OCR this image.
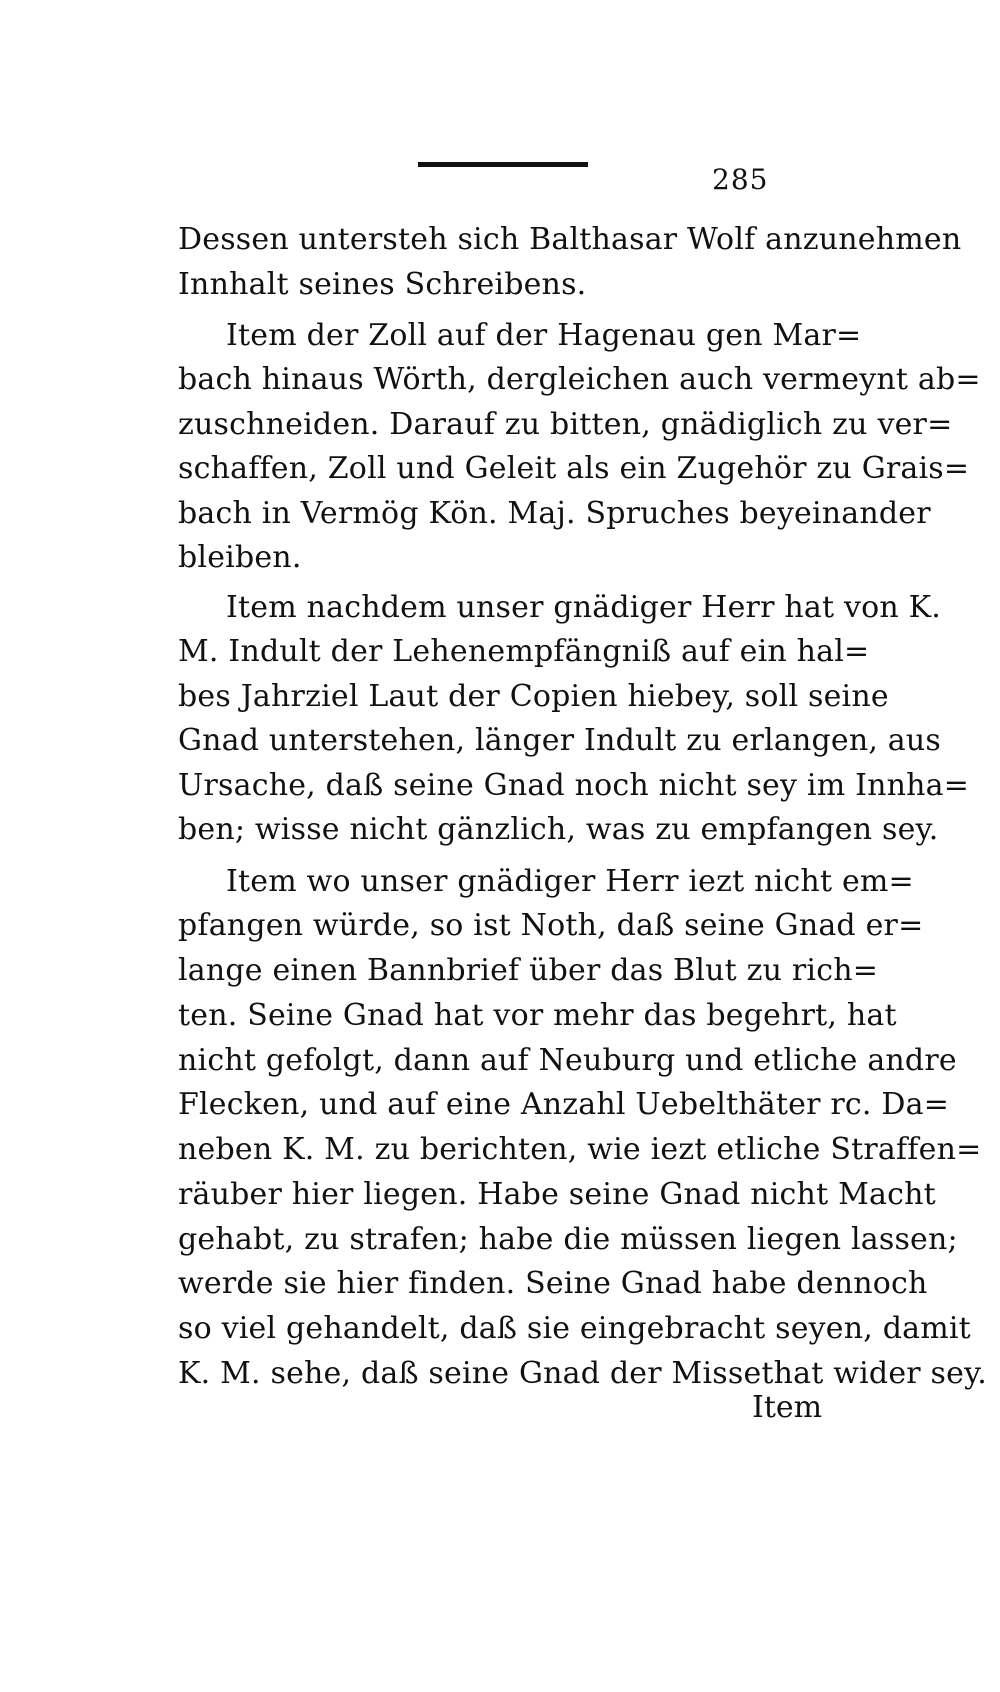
285
Dessen untersteh sich Balthasar Wolf anzunehmen
Innhalt seines Schreibens.
Item der Zoll auf der Hagenau gen Mar=
bach hinaus Wörth, dergleichen auch vermeynt ab=
zuschneiden. Darauf zu bitten, gnädiglich zu ver=
schaffen, Zoll und Geleit als ein Zugehör zu Grais=
bach in Vermög Kön. Maj. Spruches beyeinander
bleiben.
Item nachdem unser gnädiger Herr hat von K.
M. Indult der Lehenempfängniß auf ein hal=
bes Jahrziel Laut der Copien hiebey, soll seine
Gnad unterstehen, länger Indult zu erlangen, aus
Ursache, daß seine Gnad noch nicht sey im Innha=
ben; wisse nicht gänzlich, was zu empfangen sey.
Item wo unser gnädiger Herr iezt nicht em=
pfangen würde, so ist Noth, daß seine Gnad er=
lange einen Bannbrief über das Blut zu rich=
ten. Seine Gnad hat vor mehr das begehrt, hat
nicht gefolgt, dann auf Neuburg und etliche andre
Flecken, und auf eine Anzahl Uebelthäter rc. Da=
neben K. M. zu berichten, wie iezt etliche Straffen=
räuber hier liegen. Habe seine Gnad nicht Macht
gehabt, zu strafen; habe die müssen liegen lassen;
werde sie hier finden. Seine Gnad habe dennoch
so viel gehandelt, daß sie eingebracht seyen, damit
K. M. sehe, daß seine Gnad der Missethat wider sey.
Item
